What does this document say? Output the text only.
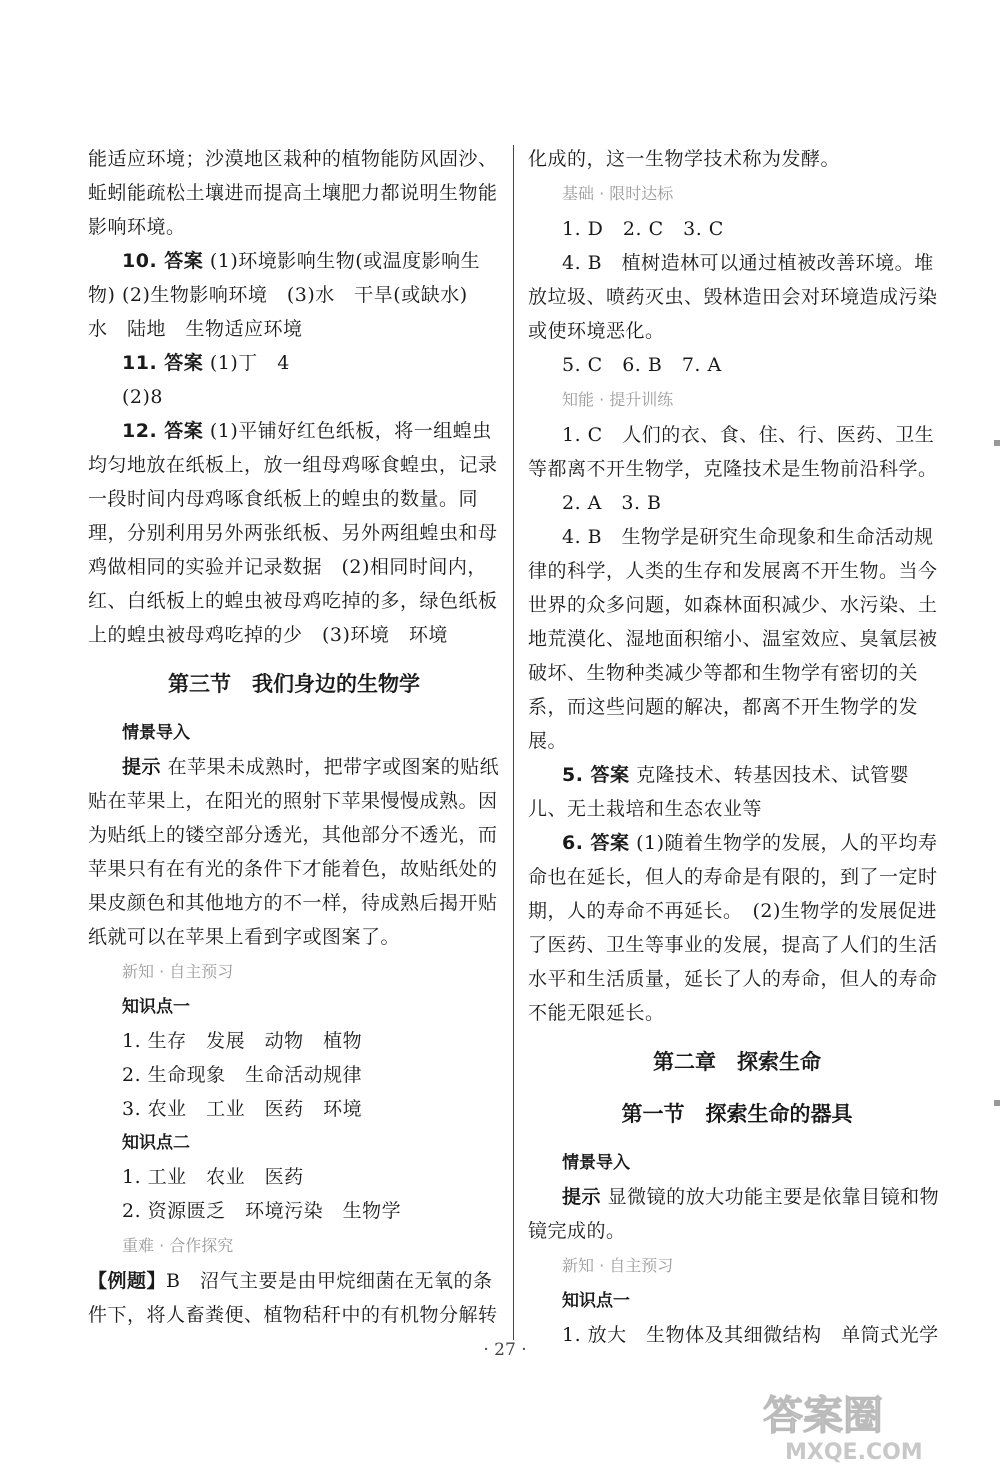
能适应环境；沙漠地区栽种的植物能防风固沙、蚯蚓能疏松土壤进而提高土壤肥力都说明生物能影响环境。

10. 答案 (1)环境影响生物(或温度影响生物) (2)生物影响环境　(3)水　干旱(或缺水)　水　陆地　生物适应环境

11. 答案 (1)丁　4

(2)8

12. 答案 (1)平铺好红色纸板，将一组蝗虫均匀地放在纸板上，放一组母鸡啄食蝗虫，记录一段时间内母鸡啄食纸板上的蝗虫的数量。同理，分别利用另外两张纸板、另外两组蝗虫和母鸡做相同的实验并记录数据　(2)相同时间内，红、白纸板上的蝗虫被母鸡吃掉的多，绿色纸板上的蝗虫被母鸡吃掉的少　(3)环境　环境

第三节　我们身边的生物学

情景导入

提示 在苹果未成熟时，把带字或图案的贴纸贴在苹果上，在阳光的照射下苹果慢慢成熟。因为贴纸上的镂空部分透光，其他部分不透光，而苹果只有在有光的条件下才能着色，故贴纸处的果皮颜色和其他地方的不一样，待成熟后揭开贴纸就可以在苹果上看到字或图案了。

新知 · 自主预习

知识点一

1. 生存　发展　动物　植物

2. 生命现象　生命活动规律

3. 农业　工业　医药　环境

知识点二

1. 工业　农业　医药

2. 资源匮乏　环境污染　生物学

重难 · 合作探究

【例题】B　沼气主要是由甲烷细菌在无氧的条件下，将人畜粪便、植物秸秆中的有机物分解转

化成的，这一生物学技术称为发酵。

基础 · 限时达标

1. D　2. C　3. C

4. B　植树造林可以通过植被改善环境。堆放垃圾、喷药灭虫、毁林造田会对环境造成污染或使环境恶化。

5. C　6. B　7. A

知能 · 提升训练

1. C　人们的衣、食、住、行、医药、卫生等都离不开生物学，克隆技术是生物前沿科学。

2. A　3. B

4. B　生物学是研究生命现象和生命活动规律的科学，人类的生存和发展离不开生物。当今世界的众多问题，如森林面积减少、水污染、土地荒漠化、湿地面积缩小、温室效应、臭氧层被破坏、生物种类减少等都和生物学有密切的关系，而这些问题的解决，都离不开生物学的发展。

5. 答案 克隆技术、转基因技术、试管婴儿、无土栽培和生态农业等

6. 答案 (1)随着生物学的发展，人的平均寿命也在延长，但人的寿命是有限的，到了一定时期，人的寿命不再延长。　(2)生物学的发展促进了医药、卫生等事业的发展，提高了人们的生活水平和生活质量，延长了人的寿命，但人的寿命不能无限延长。

第二章　探索生命
第一节　探索生命的器具

情景导入

提示 显微镜的放大功能主要是依靠目镜和物镜完成的。

新知 · 自主预习

知识点一

1. 放大　生物体及其细微结构　单筒式光学

· 27 ·
答案圈
MXQE.COM
